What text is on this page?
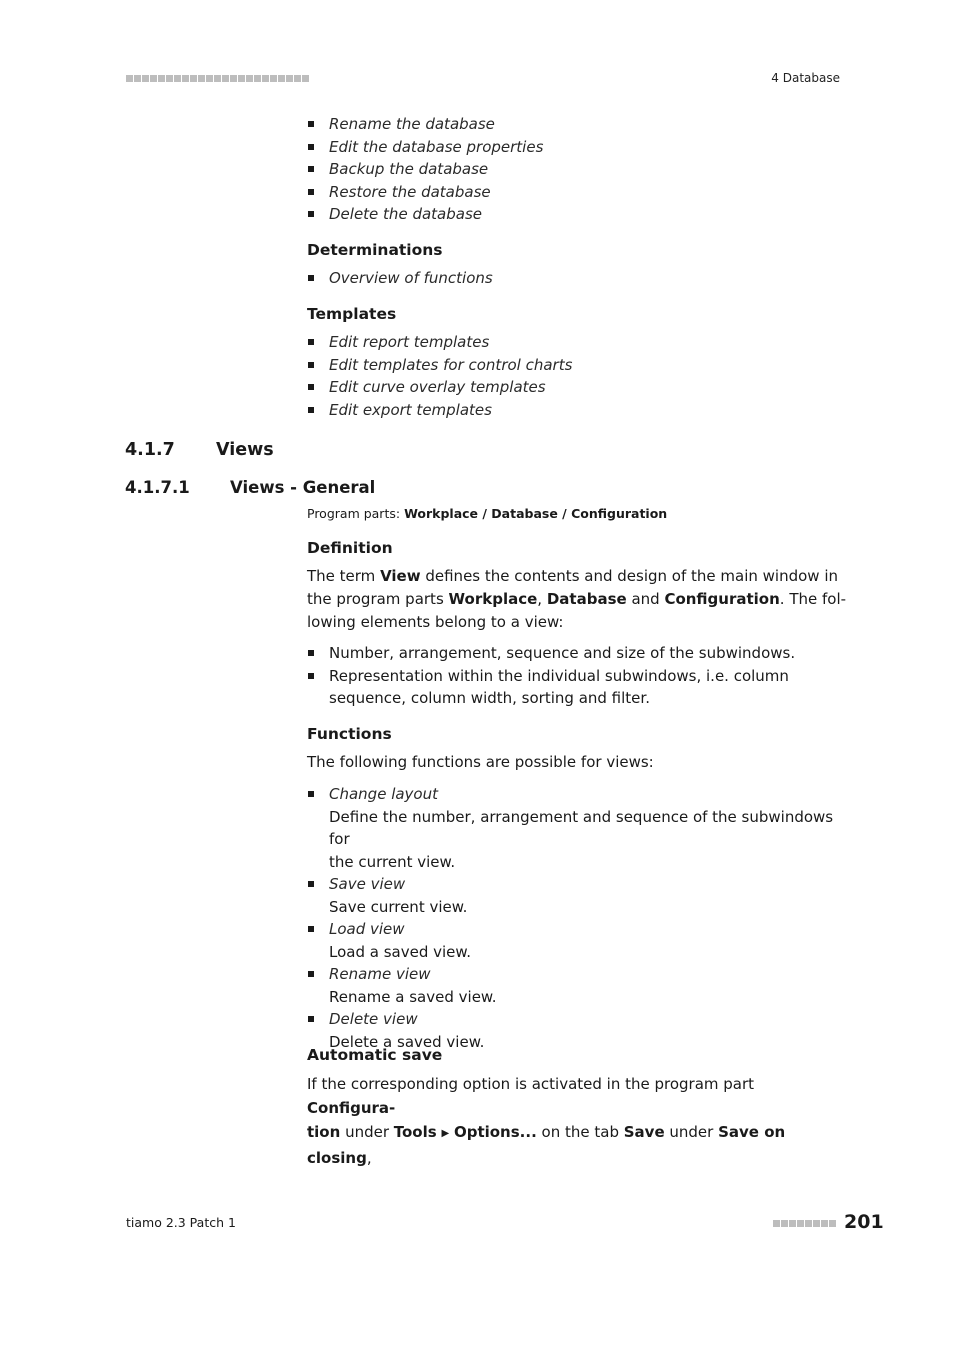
4 Database
Rename the database
Edit the database properties
Backup the database
Restore the database
Delete the database
Determinations
Overview of functions
Templates
Edit report templates
Edit templates for control charts
Edit curve overlay templates
Edit export templates
4.1.7 Views
4.1.7.1 Views - General
Program parts: Workplace / Database / Configuration
Definition
The term View defines the contents and design of the main window in the program parts Workplace, Database and Configuration. The fol-
lowing elements belong to a view:
Number, arrangement, sequence and size of the subwindows.
Representation within the individual subwindows, i.e. column
sequence, column width, sorting and filter.
Functions
The following functions are possible for views:
Change layout
Define the number, arrangement and sequence of the subwindows for
the current view.
Save view
Save current view.
Load view
Load a saved view.
Rename view
Rename a saved view.
Delete view
Delete a saved view.
Automatic save
If the corresponding option is activated in the program part Configura-
tion under Tools ▶ Options... on the tab Save under Save on closing,
tiamo 2.3 Patch 1	201
